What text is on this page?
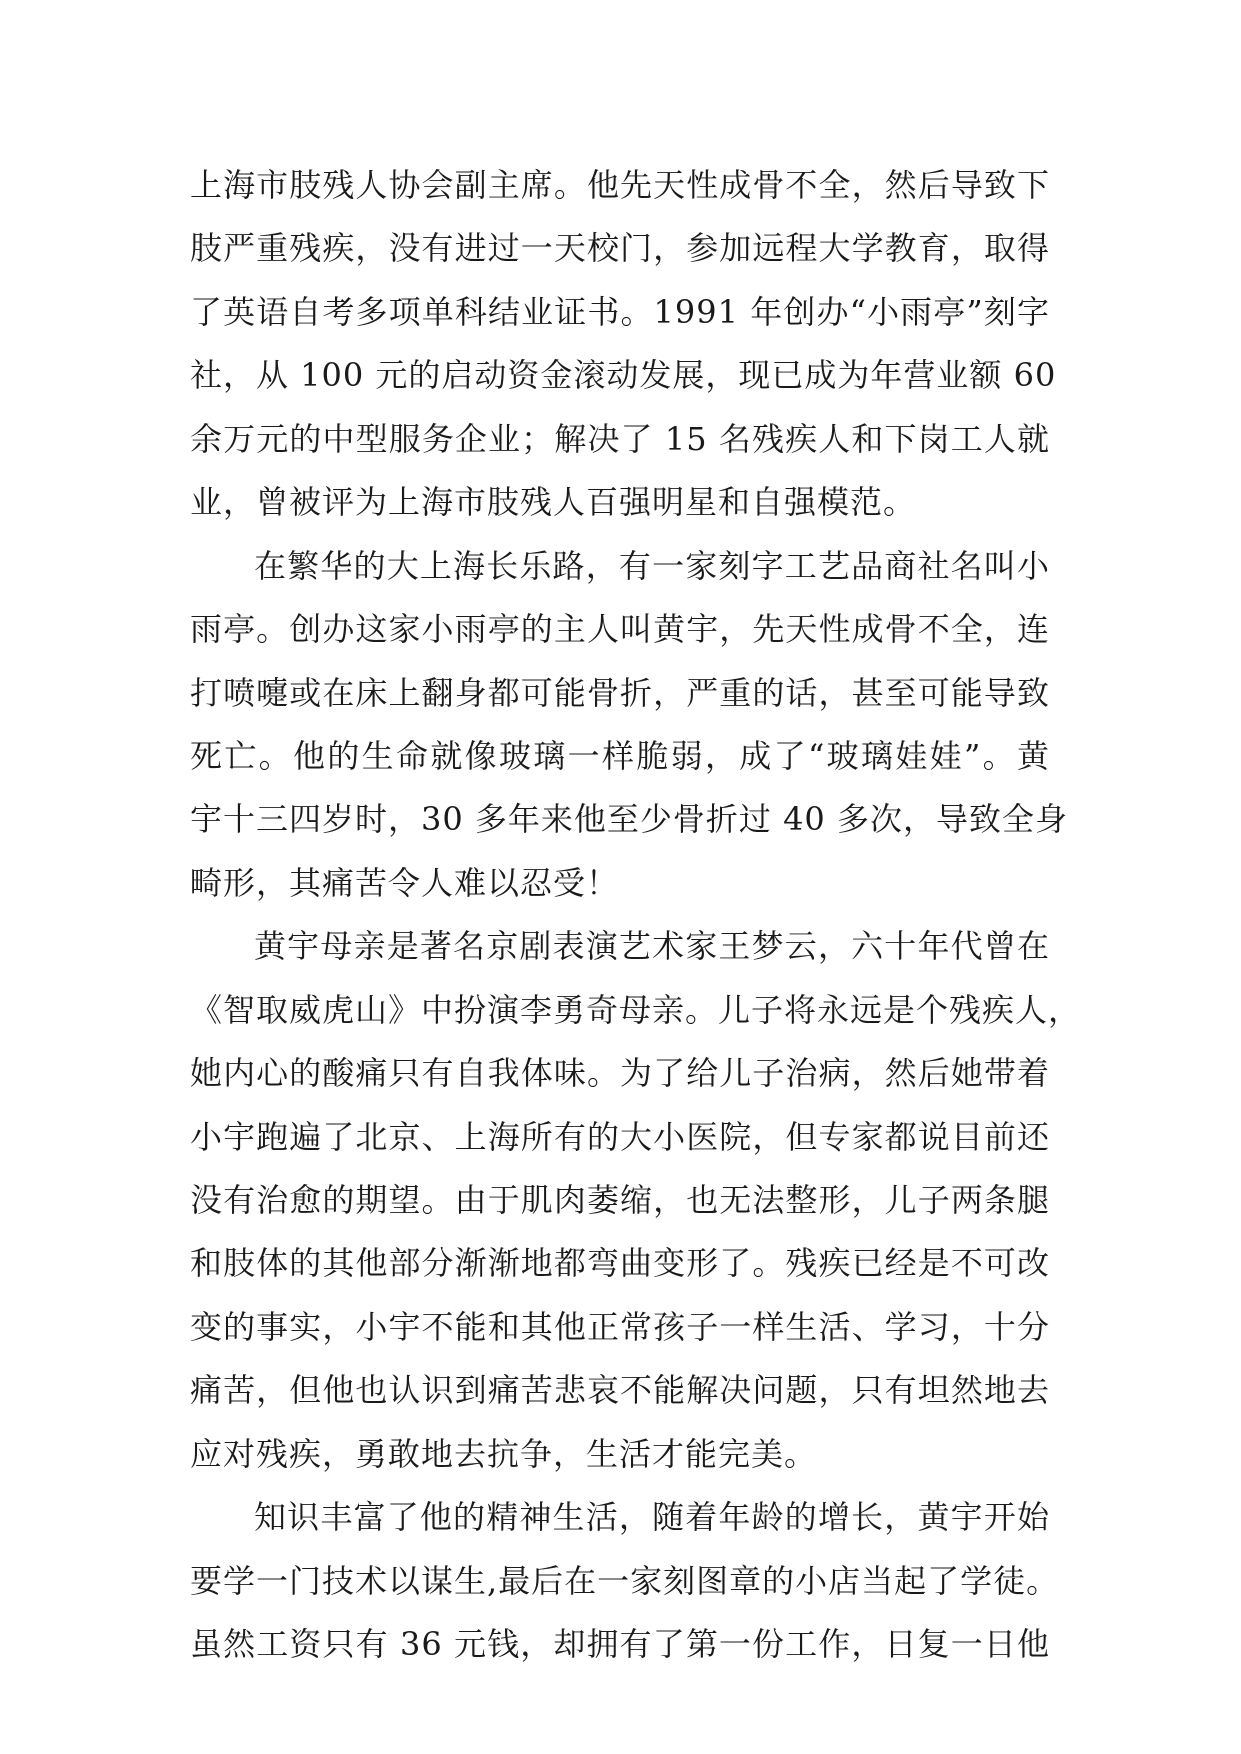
上海市肢残人协会副主席。他先天性成骨不全，然后导致下
肢严重残疾，没有进过一天校门，参加远程大学教育，取得
了英语自考多项单科结业证书。1991 年创办“小雨亭”刻字
社，从 100 元的启动资金滚动发展，现已成为年营业额 60
余万元的中型服务企业；解决了 15 名残疾人和下岗工人就
业，曾被评为上海市肢残人百强明星和自强模范。
在繁华的大上海长乐路，有一家刻字工艺品商社名叫小
雨亭。创办这家小雨亭的主人叫黄宇，先天性成骨不全，连
打喷嚏或在床上翻身都可能骨折，严重的话，甚至可能导致
死亡。他的生命就像玻璃一样脆弱，成了“玻璃娃娃”。黄
宇十三四岁时，30 多年来他至少骨折过 40 多次，导致全身
畸形，其痛苦令人难以忍受！
黄宇母亲是著名京剧表演艺术家王梦云，六十年代曾在
《智取威虎山》中扮演李勇奇母亲。儿子将永远是个残疾人，
她内心的酸痛只有自我体味。为了给儿子治病，然后她带着
小宇跑遍了北京、上海所有的大小医院，但专家都说目前还
没有治愈的期望。由于肌肉萎缩，也无法整形，儿子两条腿
和肢体的其他部分渐渐地都弯曲变形了。残疾已经是不可改
变的事实，小宇不能和其他正常孩子一样生活、学习，十分
痛苦，但他也认识到痛苦悲哀不能解决问题，只有坦然地去
应对残疾，勇敢地去抗争，生活才能完美。
知识丰富了他的精神生活，随着年龄的增长，黄宇开始
要学一门技术以谋生,最后在一家刻图章的小店当起了学徒。
虽然工资只有 36 元钱，却拥有了第一份工作，日复一日他
